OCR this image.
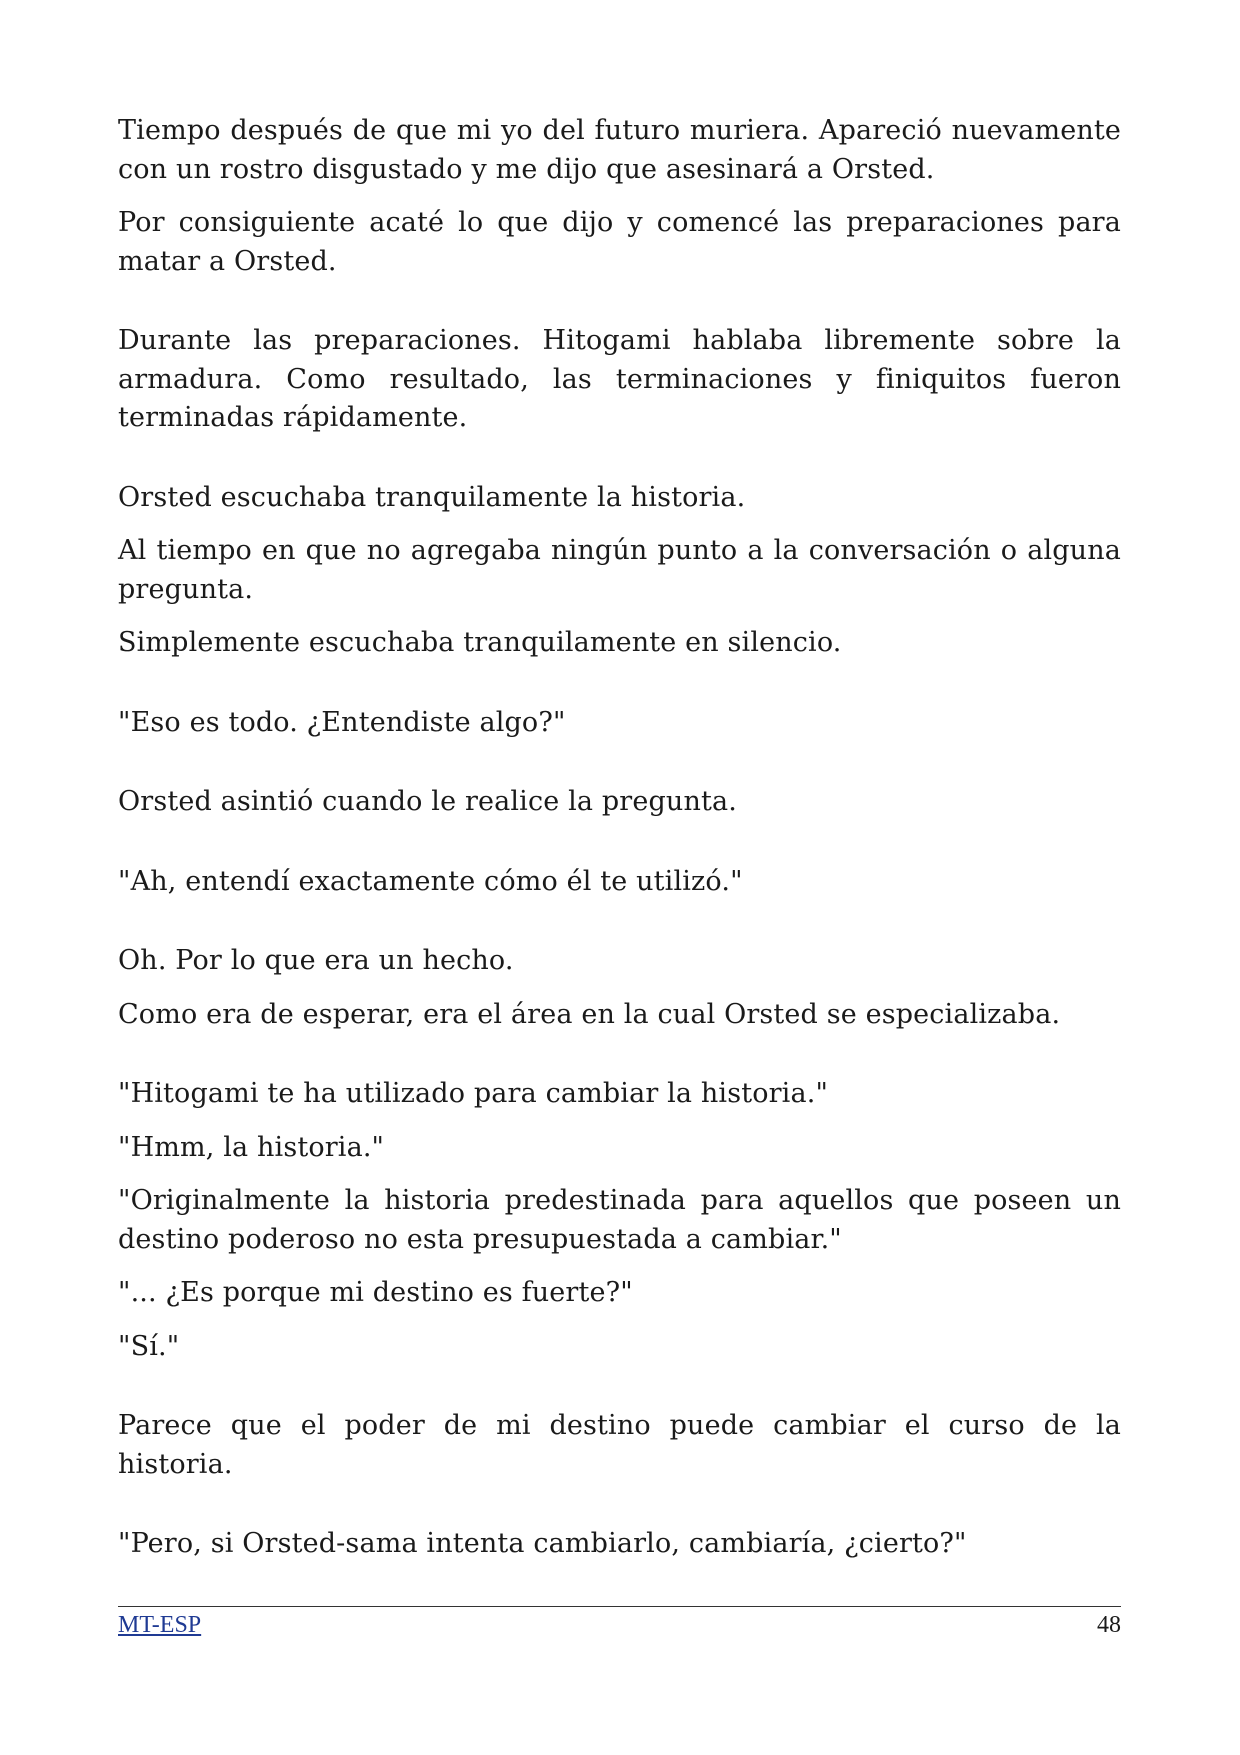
Tiempo después de que mi yo del futuro muriera. Apareció nuevamente con un rostro disgustado y me dijo que asesinará a Orsted.

Por consiguiente acaté lo que dijo y comencé las preparaciones para matar a Orsted.

Durante las preparaciones. Hitogami hablaba libremente sobre la armadura. Como resultado, las terminaciones y finiquitos fueron terminadas rápidamente.

Orsted escuchaba tranquilamente la historia.

Al tiempo en que no agregaba ningún punto a la conversación o alguna pregunta.

Simplemente escuchaba tranquilamente en silencio.

"Eso es todo. ¿Entendiste algo?"

Orsted asintió cuando le realice la pregunta.

"Ah, entendí exactamente cómo él te utilizó."

Oh. Por lo que era un hecho.

Como era de esperar, era el área en la cual Orsted se especializaba.

"Hitogami te ha utilizado para cambiar la historia."

"Hmm, la historia."

"Originalmente la historia predestinada para aquellos que poseen un destino poderoso no esta presupuestada a cambiar."

"... ¿Es porque mi destino es fuerte?"

"Sí."

Parece que el poder de mi destino puede cambiar el curso de la historia.

"Pero, si Orsted-sama intenta cambiarlo, cambiaría, ¿cierto?"

MT-ESP	48
